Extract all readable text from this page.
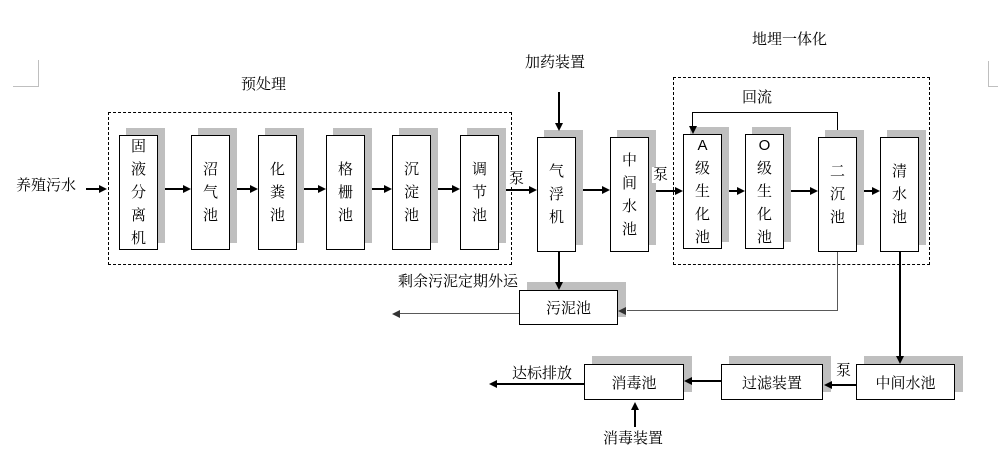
预处理
地埋一体化
养殖污水
加药装置
回流
泵	泵
泵
剩余污泥定期外运
达标排放
消毒装置
固液分离机
沼气池
化粪池
格栅池
沉淀池
调节池
气浮机
中间水池
A级生化池
O级生化池
二沉池
清水池
污泥池
消毒池	过滤装置	中间水池
